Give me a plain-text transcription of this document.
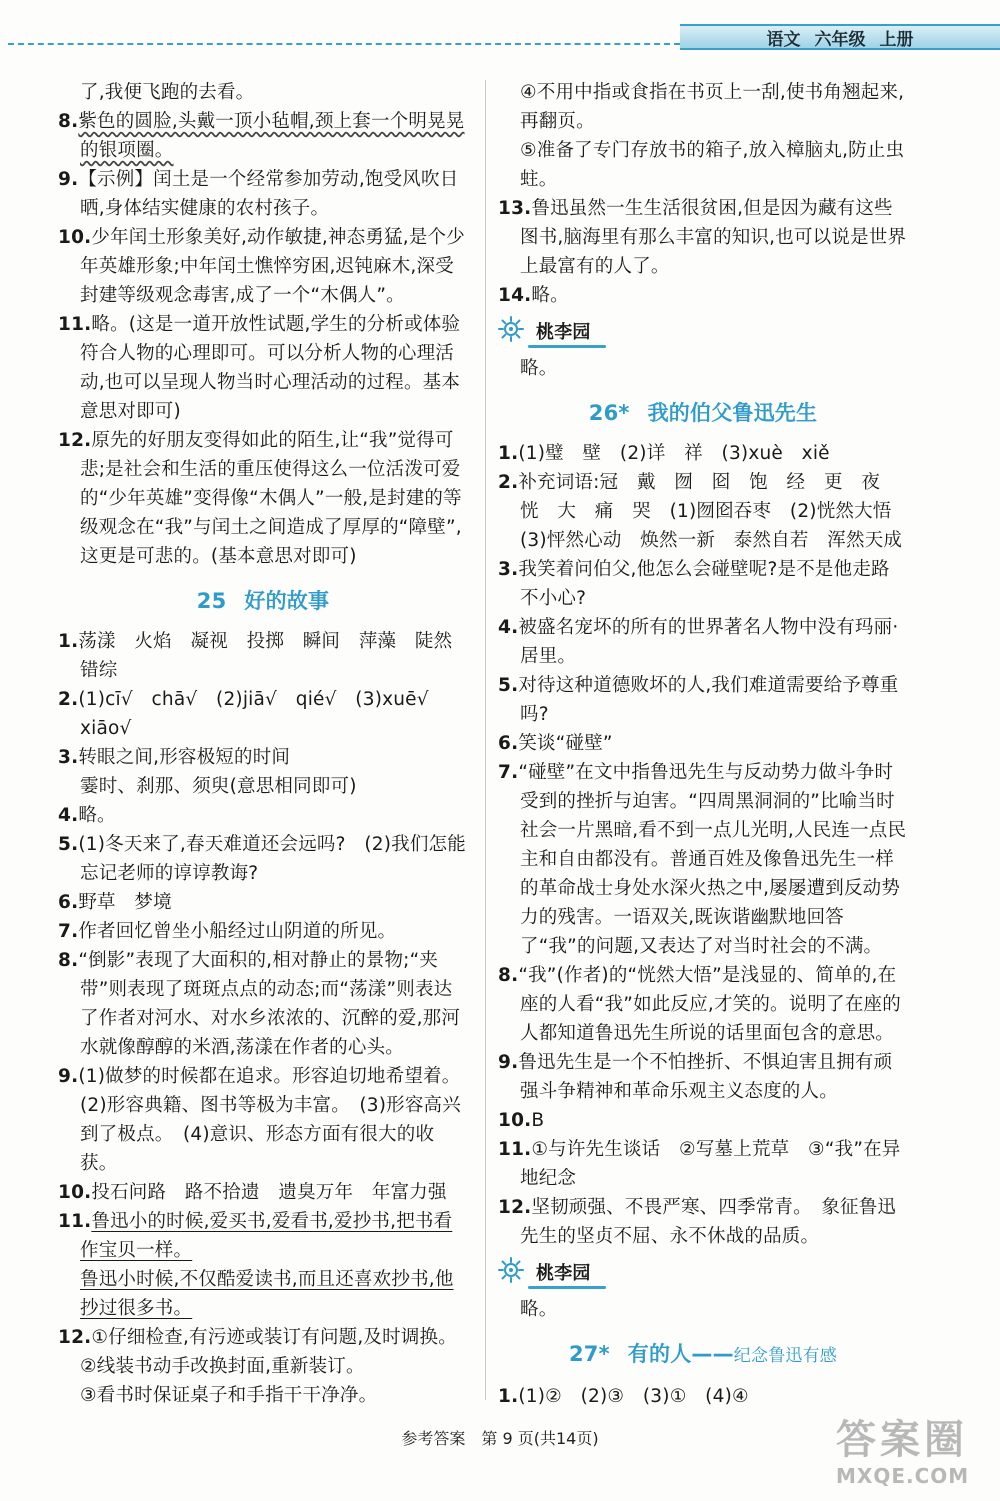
语文 六年级 上册

了,我便飞跑的去看。

8.紫色的圆脸,头戴一顶小毡帽,颈上套一个明晃晃的银项圈。

9.【示例】闰土是一个经常参加劳动,饱受风吹日晒,身体结实健康的农村孩子。

10.少年闰土形象美好,动作敏捷,神态勇猛,是个少年英雄形象;中年闰土憔悴穷困,迟钝麻木,深受封建等级观念毒害,成了一个“木偶人”。

11.略。(这是一道开放性试题,学生的分析或体验符合人物的心理即可。可以分析人物的心理活动,也可以呈现人物当时心理活动的过程。基本意思对即可)

12.原先的好朋友变得如此的陌生,让“我”觉得可悲;是社会和生活的重压使得这么一位活泼可爱的“少年英雄”变得像“木偶人”一般,是封建的等级观念在“我”与闰土之间造成了厚厚的“障壁”,这更是可悲的。(基本意思对即可)

25 好的故事

1.荡漾　火焰　凝视　投掷　瞬间　萍藻　陡然　错综

2.(1)cī√　chā√　(2)jiā√　qié√　(3)xuē√　xiāo√

3.转眼之间,形容极短的时间

霎时、刹那、须臾(意思相同即可)

4.略。

5.(1)冬天来了,春天难道还会远吗?　(2)我们怎能忘记老师的谆谆教诲?

6.野草　梦境

7.作者回忆曾坐小船经过山阴道的所见。

8.“倒影”表现了大面积的,相对静止的景物;“夹带”则表现了斑斑点点的动态;而“荡漾”则表达了作者对河水、对水乡浓浓的、沉醉的爱,那河水就像醇醇的米酒,荡漾在作者的心头。

9.(1)做梦的时候都在追求。形容迫切地希望着。

(2)形容典籍、图书等极为丰富。　(3)形容高兴到了极点。　(4)意识、形态方面有很大的收获。

10.投石问路　路不拾遗　遗臭万年　年富力强

11.鲁迅小的时候,爱买书,爱看书,爱抄书,把书看作宝贝一样。

鲁迅小时候,不仅酷爱读书,而且还喜欢抄书,他抄过很多书。

12.①仔细检查,有污迹或装订有问题,及时调换。

②线装书动手改换封面,重新装订。

③看书时保证桌子和手指干干净净。

④不用中指或食指在书页上一刮,使书角翘起来,再翻页。

⑤准备了专门存放书的箱子,放入樟脑丸,防止虫蛀。

13.鲁迅虽然一生生活很贫困,但是因为藏有这些图书,脑海里有那么丰富的知识,也可以说是世界上最富有的人了。

14.略。

桃李园

略。

26* 我的伯父鲁迅先生

1.(1)璧　壁　(2)详　祥　(3)xuè　xiě

2.补充词语:冠　戴　囫　囵　饱　经　更　夜　恍　大　痛　哭　(1)囫囵吞枣　(2)恍然大悟　(3)怦然心动　焕然一新　泰然自若　浑然天成

3.我笑着问伯父,他怎么会碰壁呢?是不是他走路不小心?

4.被盛名宠坏的所有的世界著名人物中没有玛丽·居里。

5.对待这种道德败坏的人,我们难道需要给予尊重吗?

6.笑谈“碰壁”

7.“碰壁”在文中指鲁迅先生与反动势力做斗争时受到的挫折与迫害。“四周黑洞洞的”比喻当时社会一片黑暗,看不到一点儿光明,人民连一点民主和自由都没有。普通百姓及像鲁迅先生一样的革命战士身处水深火热之中,屡屡遭到反动势力的残害。一语双关,既诙谐幽默地回答了“我”的问题,又表达了对当时社会的不满。

8.“我”(作者)的“恍然大悟”是浅显的、简单的,在座的人看“我”如此反应,才笑的。说明了在座的人都知道鲁迅先生所说的话里面包含的意思。

9.鲁迅先生是一个不怕挫折、不惧迫害且拥有顽强斗争精神和革命乐观主义态度的人。

10.B

11.①与许先生谈话　②写墓上荒草　③“我”在异地纪念

12.坚韧顽强、不畏严寒、四季常青。　象征鲁迅先生的坚贞不屈、永不休战的品质。

桃李园

略。

27* 有的人——纪念鲁迅有感

1.(1)②　(2)③　(3)①　(4)④

参考答案　第 9 页(共14页)	答案圈
MXQE.COM
